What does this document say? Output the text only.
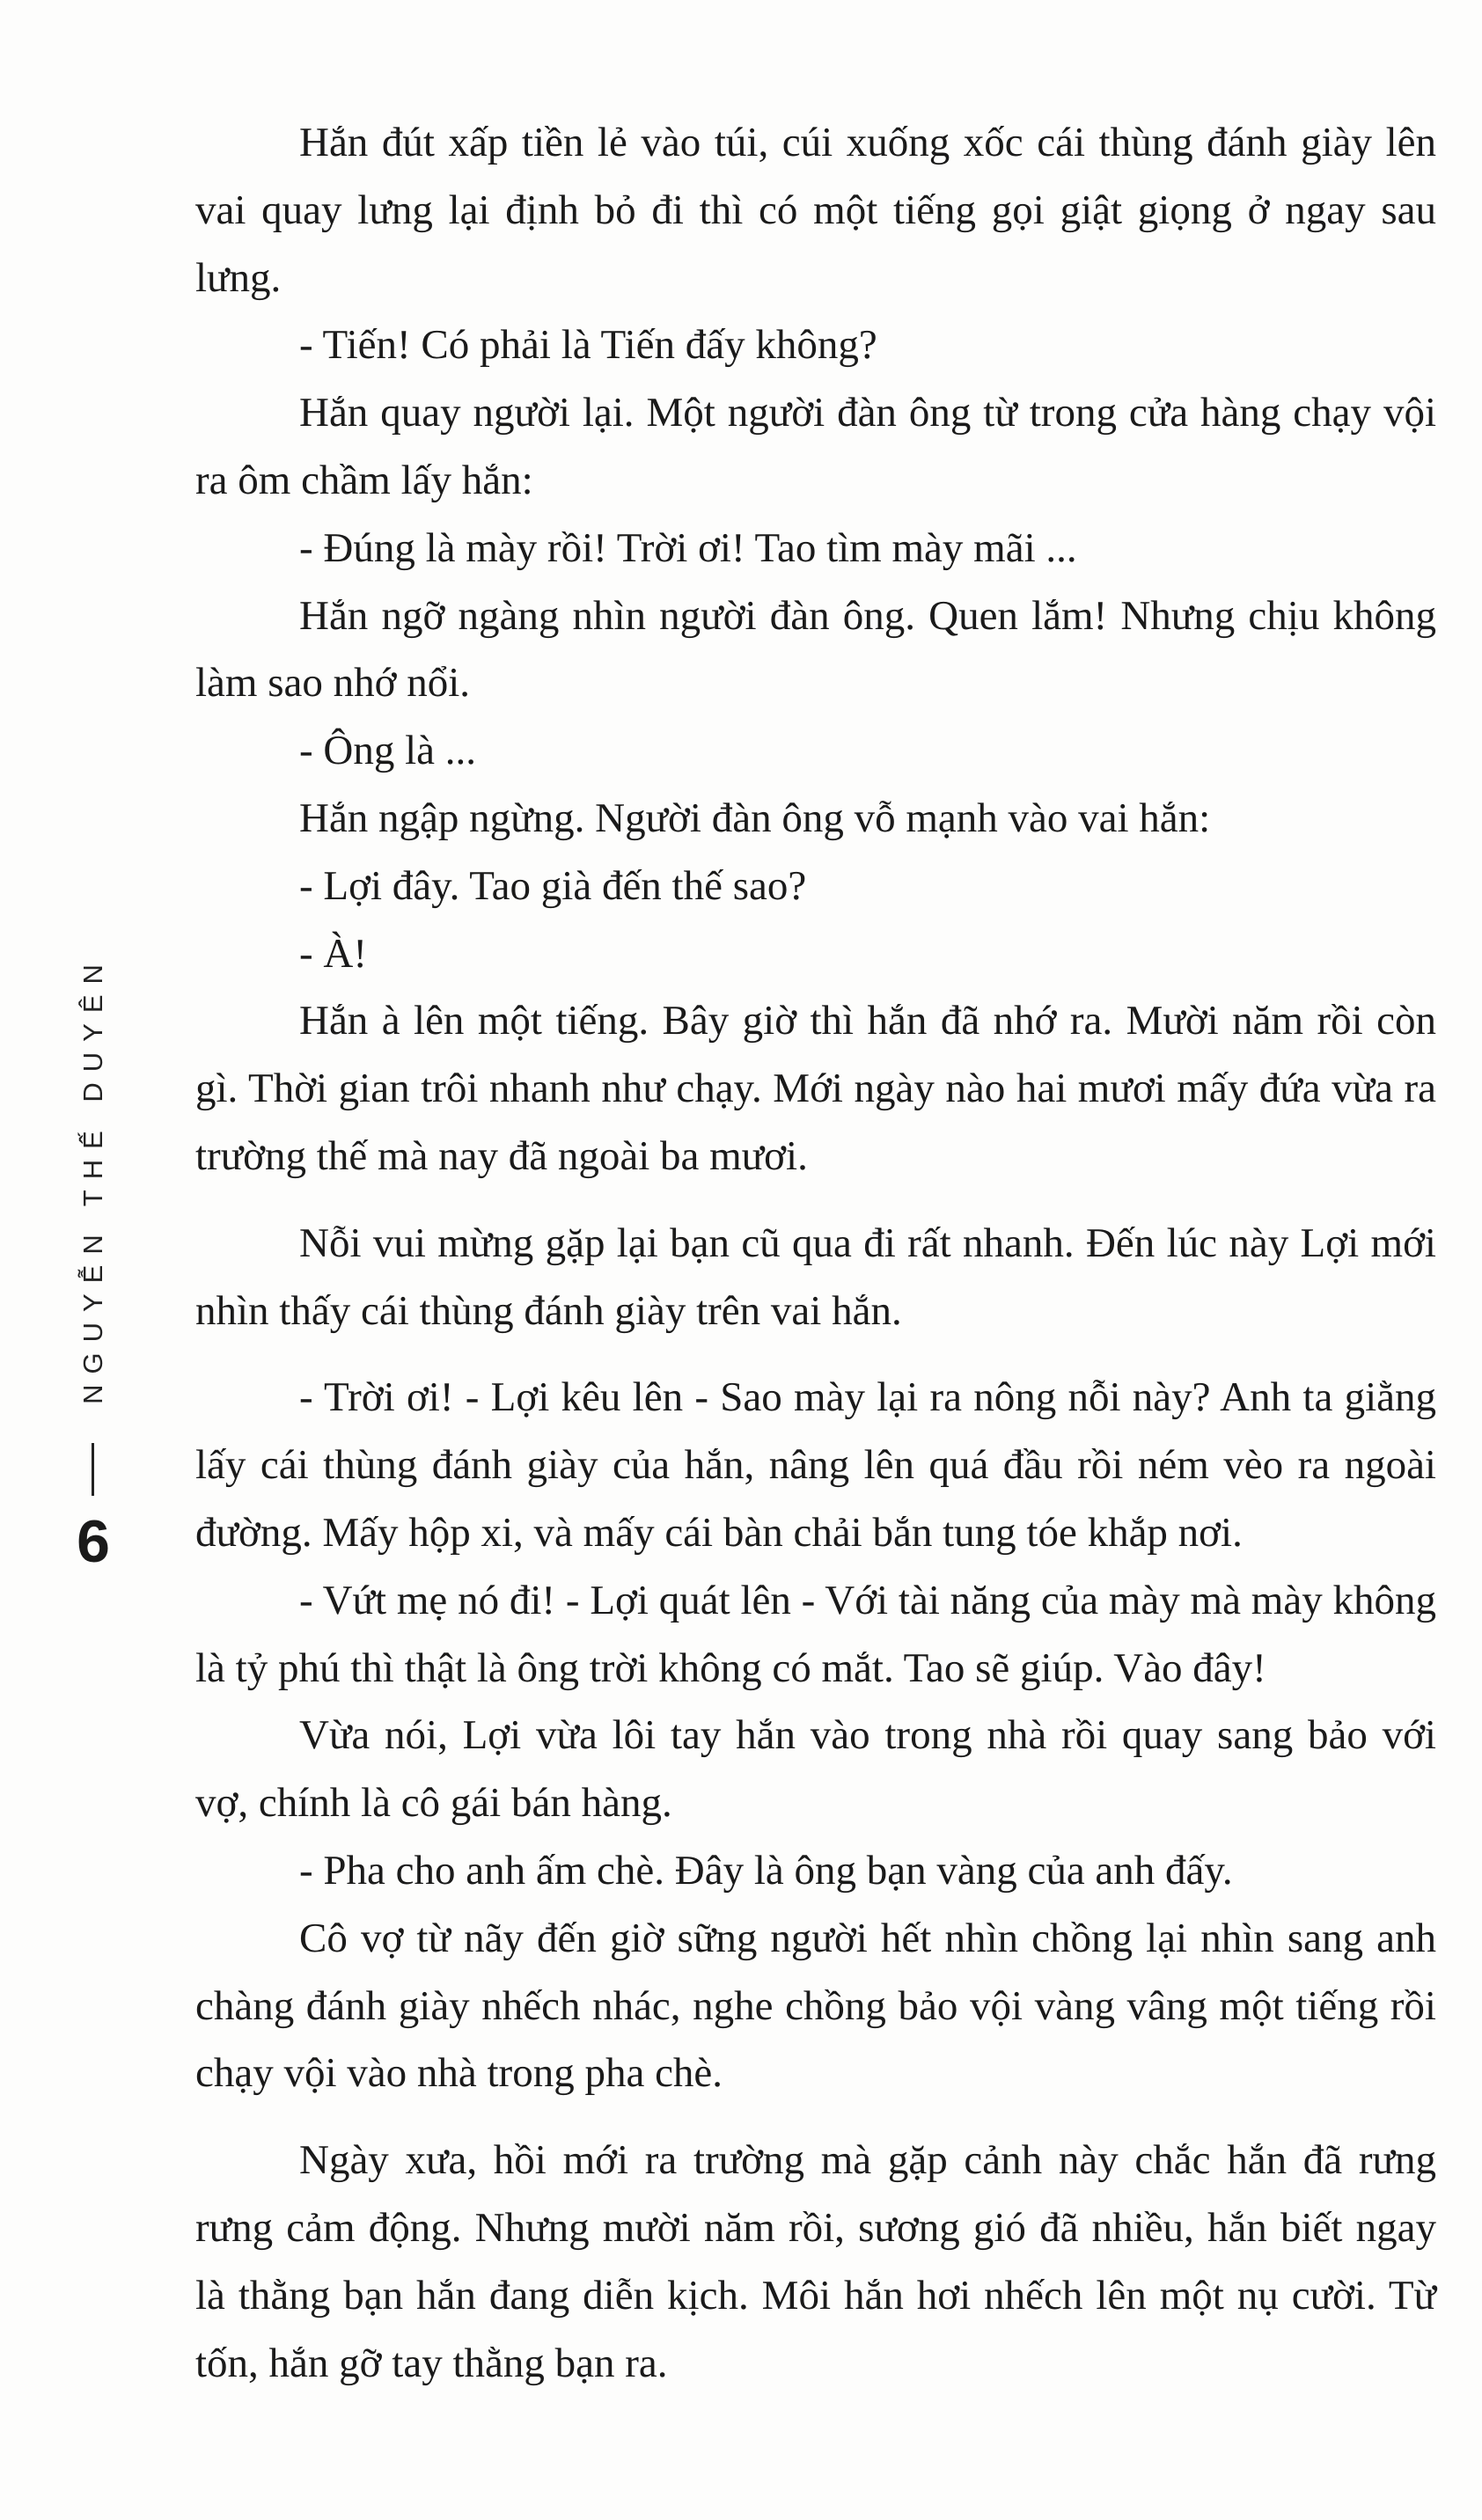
NGUYỄN THẾ DUYÊN
6

Hắn đút xấp tiền lẻ vào túi, cúi xuống xốc cái thùng đánh giày lên vai quay lưng lại định bỏ đi thì có một tiếng gọi giật giọng ở ngay sau lưng.

- Tiến! Có phải là Tiến đấy không?

Hắn quay người lại. Một người đàn ông từ trong cửa hàng chạy vội ra ôm chầm lấy hắn:

- Đúng là mày rồi! Trời ơi! Tao tìm mày mãi ...

Hắn ngỡ ngàng nhìn người đàn ông. Quen lắm! Nhưng chịu không làm sao nhớ nổi.

- Ông là ...

Hắn ngập ngừng. Người đàn ông vỗ mạnh vào vai hắn:

- Lợi đây. Tao già đến thế sao?

- À!

Hắn à lên một tiếng. Bây giờ thì hắn đã nhớ ra. Mười năm rồi còn gì. Thời gian trôi nhanh như chạy. Mới ngày nào hai mươi mấy đứa vừa ra trường thế mà nay đã ngoài ba mươi.

Nỗi vui mừng gặp lại bạn cũ qua đi rất nhanh. Đến lúc này Lợi mới nhìn thấy cái thùng đánh giày trên vai hắn.

- Trời ơi! - Lợi kêu lên - Sao mày lại ra nông nỗi này? Anh ta giằng lấy cái thùng đánh giày của hắn, nâng lên quá đầu rồi ném vèo ra ngoài đường. Mấy hộp xi, và mấy cái bàn chải bắn tung tóe khắp nơi.

- Vứt mẹ nó đi! - Lợi quát lên - Với tài năng của mày mà mày không là tỷ phú thì thật là ông trời không có mắt. Tao sẽ giúp. Vào đây!

Vừa nói, Lợi vừa lôi tay hắn vào trong nhà rồi quay sang bảo với vợ, chính là cô gái bán hàng.

- Pha cho anh ấm chè. Đây là ông bạn vàng của anh đấy.

Cô vợ từ nãy đến giờ sững người hết nhìn chồng lại nhìn sang anh chàng đánh giày nhếch nhác, nghe chồng bảo vội vàng vâng một tiếng rồi chạy vội vào nhà trong pha chè.

Ngày xưa, hồi mới ra trường mà gặp cảnh này chắc hắn đã rưng rưng cảm động. Nhưng mười năm rồi, sương gió đã nhiều, hắn biết ngay là thằng bạn hắn đang diễn kịch. Môi hắn hơi nhếch lên một nụ cười. Từ tốn, hắn gỡ tay thằng bạn ra.
